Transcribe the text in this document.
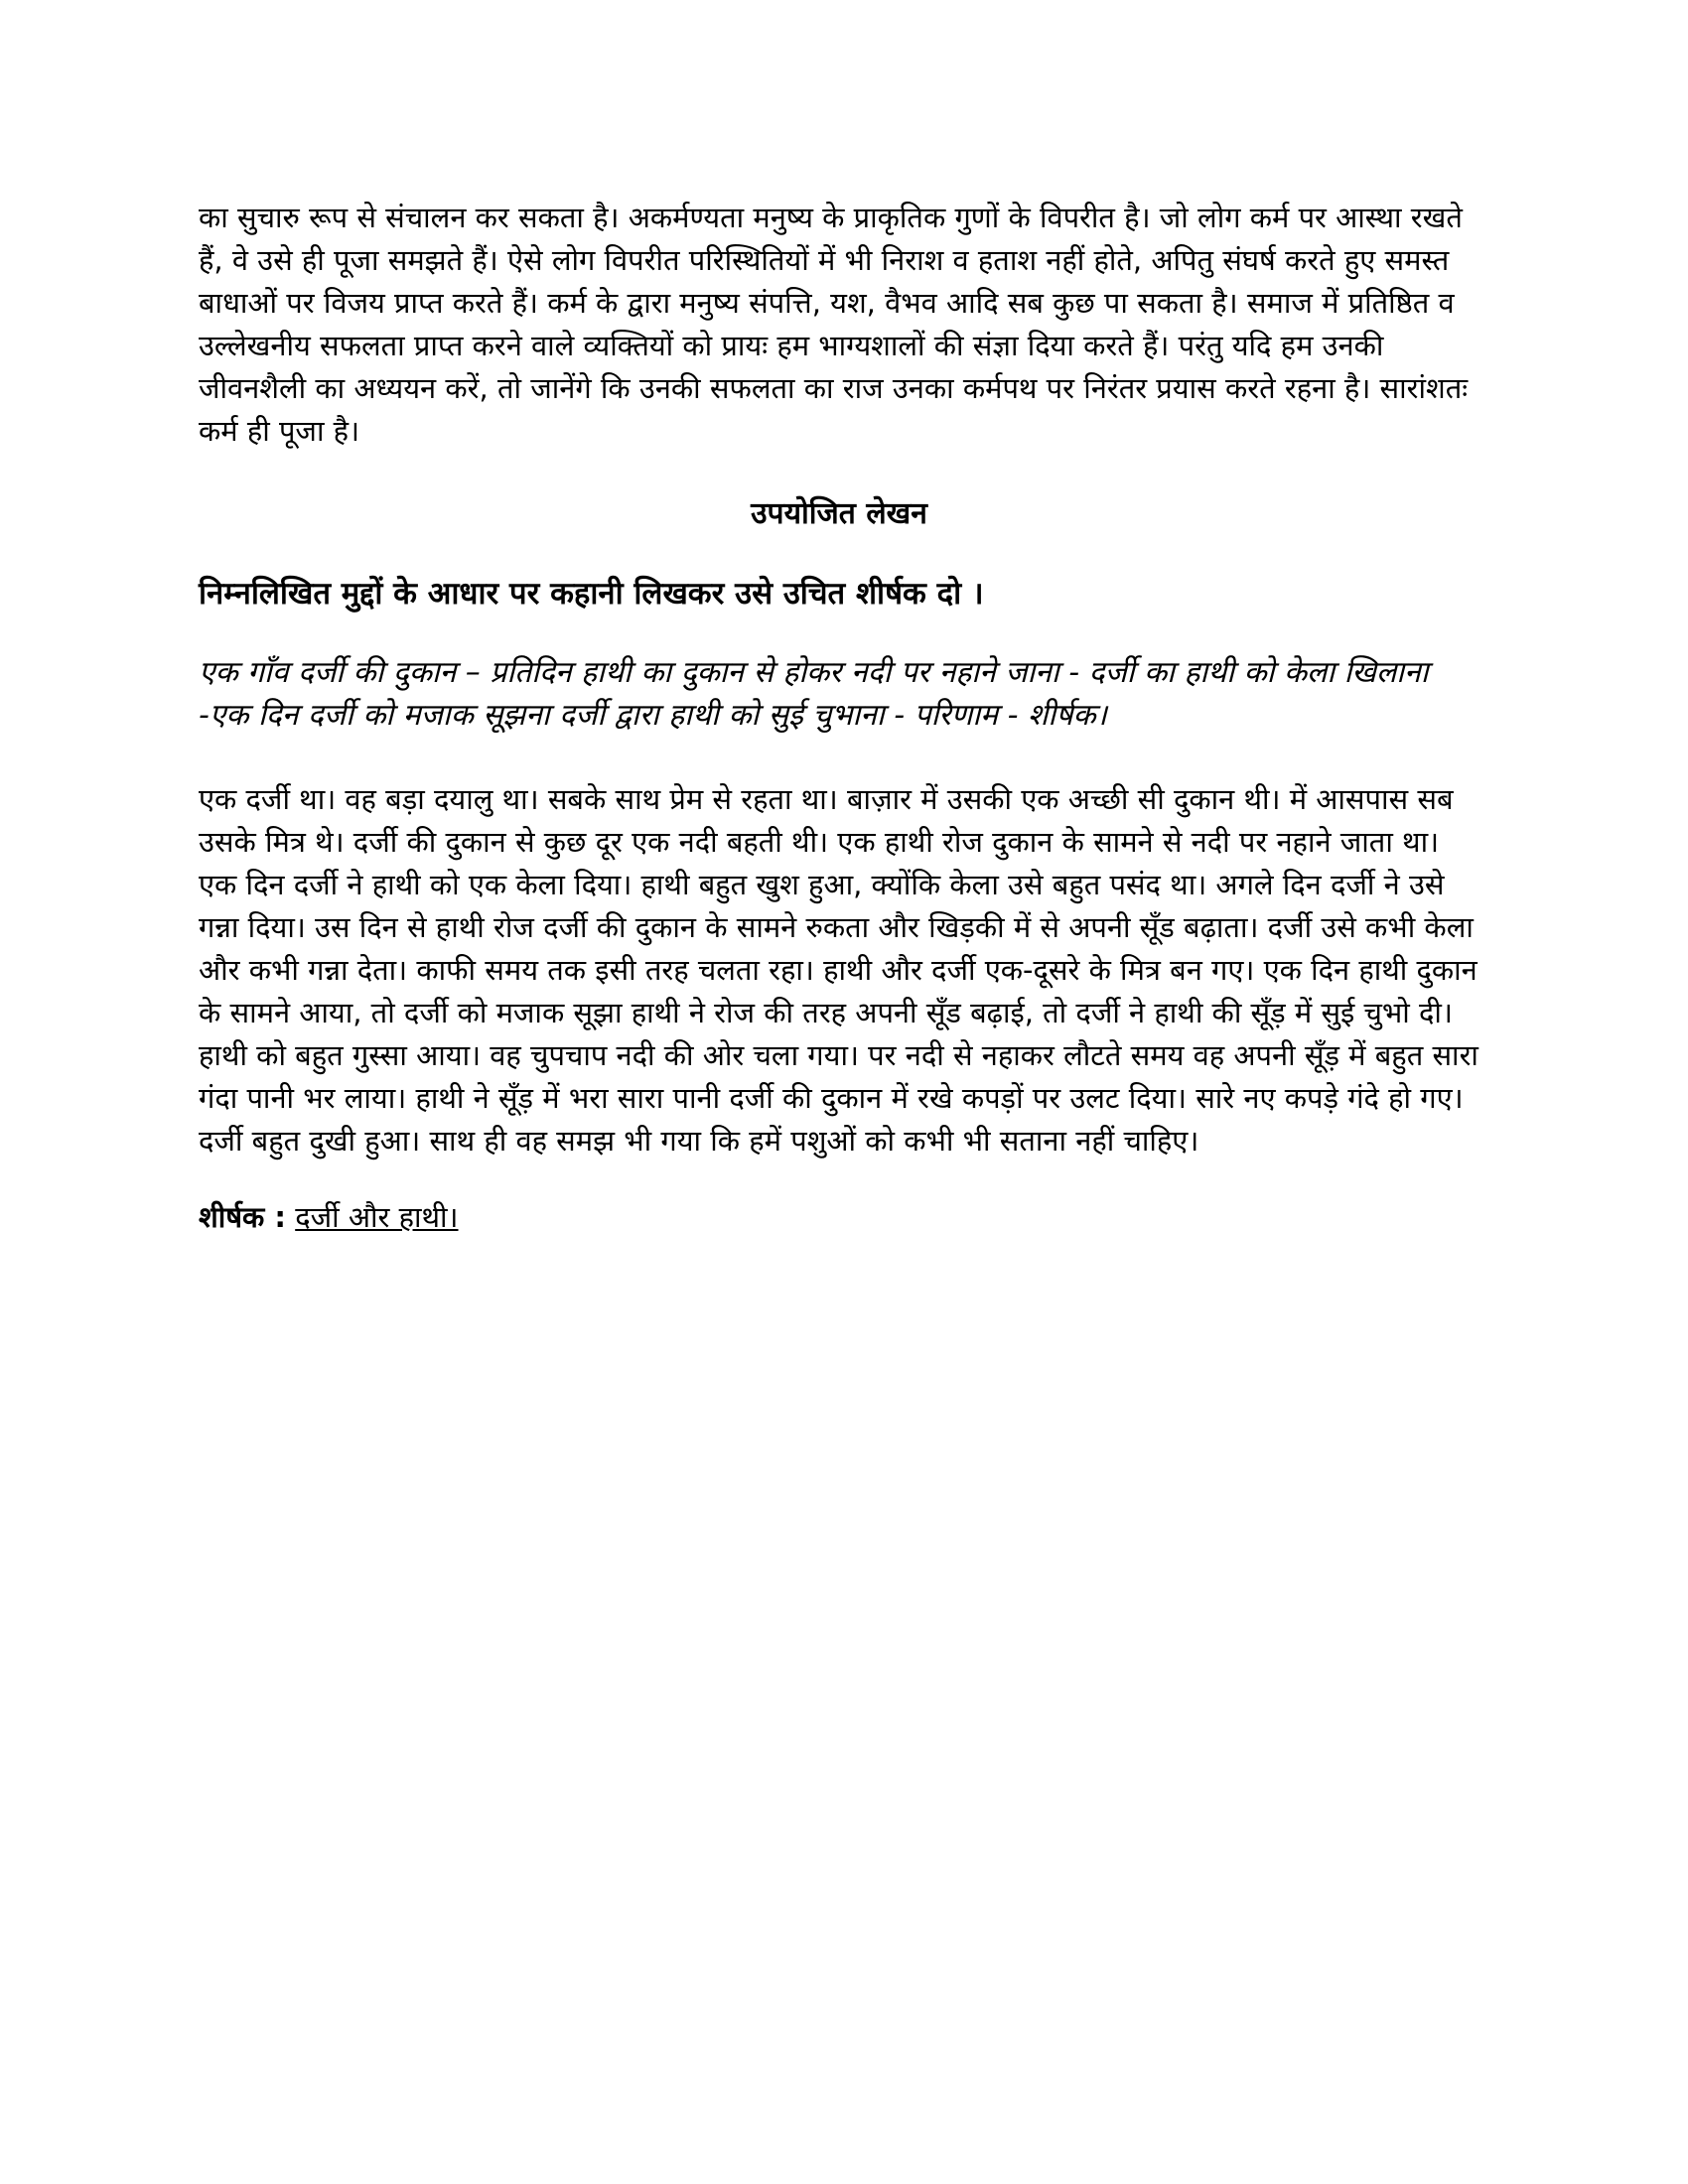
का सुचारु रूप से संचालन कर सकता है। अकर्मण्यता मनुष्य के प्राकृतिक गुणों के विपरीत है। जो लोग कर्म पर आस्था रखते हैं, वे उसे ही पूजा समझते हैं। ऐसे लोग विपरीत परिस्थितियों में भी निराश व हताश नहीं होते, अपितु संघर्ष करते हुए समस्त बाधाओं पर विजय प्राप्त करते हैं। कर्म के द्वारा मनुष्य संपत्ति, यश, वैभव आदि सब कुछ पा सकता है। समाज में प्रतिष्ठित व उल्लेखनीय सफलता प्राप्त करने वाले व्यक्तियों को प्रायः हम भाग्यशालों की संज्ञा दिया करते हैं। परंतु यदि हम उनकी जीवनशैली का अध्ययन करें, तो जानेंगे कि उनकी सफलता का राज उनका कर्मपथ पर निरंतर प्रयास करते रहना है। सारांशतः कर्म ही पूजा है।

उपयोजित लेखन

निम्नलिखित मुद्दों के आधार पर कहानी लिखकर उसे उचित शीर्षक दो ।

एक गाँव दर्जी की दुकान – प्रतिदिन हाथी का दुकान से होकर नदी पर नहाने जाना - दर्जी का हाथी को केला खिलाना -एक दिन दर्जी को मजाक सूझना दर्जी द्वारा हाथी को सुई चुभाना - परिणाम - शीर्षक।

एक दर्जी था। वह बड़ा दयालु था। सबके साथ प्रेम से रहता था। बाज़ार में उसकी एक अच्छी सी दुकान थी। में आसपास सब उसके मित्र थे। दर्जी की दुकान से कुछ दूर एक नदी बहती थी। एक हाथी रोज दुकान के सामने से नदी पर नहाने जाता था। एक दिन दर्जी ने हाथी को एक केला दिया। हाथी बहुत खुश हुआ, क्योंकि केला उसे बहुत पसंद था। अगले दिन दर्जी ने उसे गन्ना दिया। उस दिन से हाथी रोज दर्जी की दुकान के सामने रुकता और खिड़की में से अपनी सूँड बढ़ाता। दर्जी उसे कभी केला और कभी गन्ना देता। काफी समय तक इसी तरह चलता रहा। हाथी और दर्जी एक-दूसरे के मित्र बन गए। एक दिन हाथी दुकान के सामने आया, तो दर्जी को मजाक सूझा हाथी ने रोज की तरह अपनी सूँड बढ़ाई, तो दर्जी ने हाथी की सूँड़ में सुई चुभो दी। हाथी को बहुत गुस्सा आया। वह चुपचाप नदी की ओर चला गया। पर नदी से नहाकर लौटते समय वह अपनी सूँड़ में बहुत सारा गंदा पानी भर लाया। हाथी ने सूँड़ में भरा सारा पानी दर्जी की दुकान में रखे कपड़ों पर उलट दिया। सारे नए कपड़े गंदे हो गए। दर्जी बहुत दुखी हुआ। साथ ही वह समझ भी गया कि हमें पशुओं को कभी भी सताना नहीं चाहिए।

शीर्षक : दर्जी और हाथी।
